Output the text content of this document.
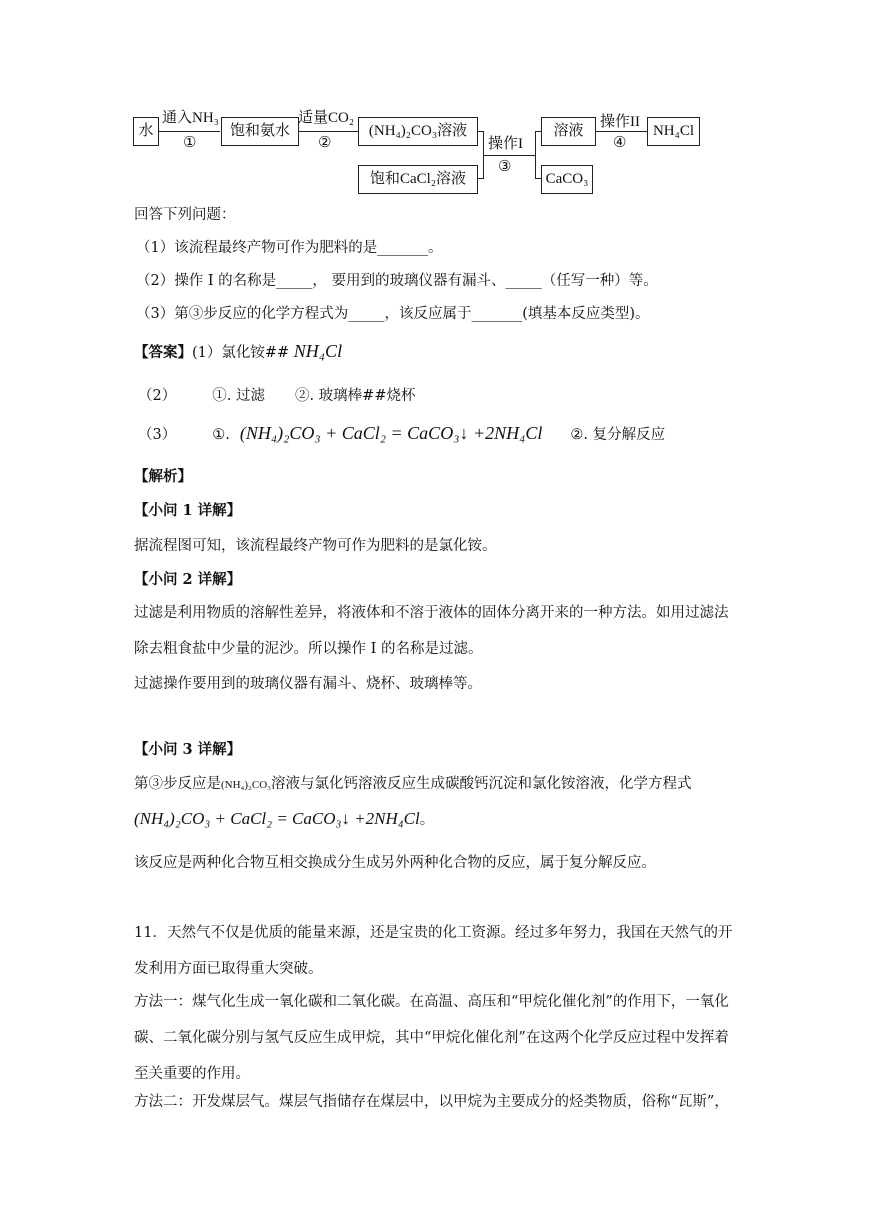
水
通入NH₃
①
饱和氨水
适量CO₂
②
(NH₄)₂CO₃溶液
饱和CaCl₂溶液
操作I
③
溶液
CaCO₃
操作II
④
NH₄Cl
回答下列问题：
（1）该流程最终产物可作为肥料的是_______。
（2）操作 I 的名称是_____， 要用到的玻璃仪器有漏斗、_____（任写一种）等。
（3）第③步反应的化学方程式为_____，该反应属于_______(填基本反应类型)。
【答案】(1）氯化铵## NH₄Cl
（2） ①. 过滤 ②. 玻璃棒##烧杯
（3） ①. (NH₄)₂CO₃ + CaCl₂ = CaCO₃↓ +2NH₄Cl ②. 复分解反应
【解析】
【小问 1 详解】
据流程图可知，该流程最终产物可作为肥料的是氯化铵。
【小问 2 详解】
过滤是利用物质的溶解性差异，将液体和不溶于液体的固体分离开来的一种方法。如用过滤法除去粗食盐中少量的泥沙。所以操作 I 的名称是过滤。
过滤操作要用到的玻璃仪器有漏斗、烧杯、玻璃棒等。
【小问 3 详解】
第③步反应是(NH₄)₂CO₃溶液与氯化钙溶液反应生成碳酸钙沉淀和氯化铵溶液，化学方程式
(NH₄)₂CO₃ + CaCl₂ = CaCO₃↓ +2NH₄Cl。
该反应是两种化合物互相交换成分生成另外两种化合物的反应，属于复分解反应。
11．天然气不仅是优质的能量来源，还是宝贵的化工资源。经过多年努力，我国在天然气的开发利用方面已取得重大突破。
方法一：煤气化生成一氧化碳和二氧化碳。在高温、高压和“甲烷化催化剂”的作用下，一氧化碳、二氧化碳分别与氢气反应生成甲烷，其中“甲烷化催化剂”在这两个化学反应过程中发挥着至关重要的作用。
方法二：开发煤层气。煤层气指储存在煤层中，以甲烷为主要成分的烃类物质，俗称“瓦斯”，
